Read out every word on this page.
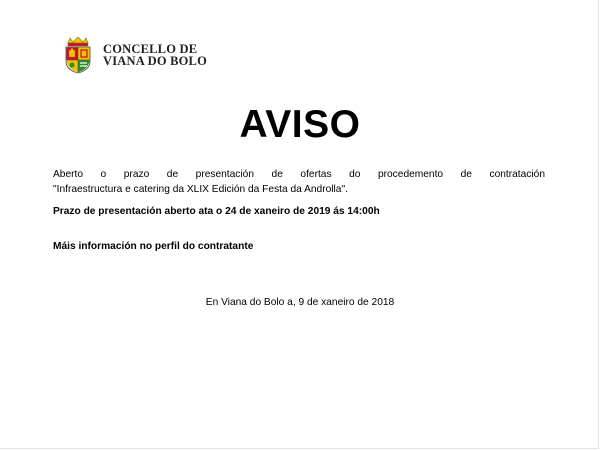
CONCELLO DE
VIANA DO BOLO
AVISO
Aberto o prazo de presentación de ofertas do procedemento de contratación
"Infraestructura e catering da XLIX Edición da Festa da Androlla".
Prazo de presentación aberto ata o 24 de xaneiro de 2019 ás 14:00h
Máis información no perfil do contratante
En Viana do Bolo a, 9 de xaneiro de 2018
